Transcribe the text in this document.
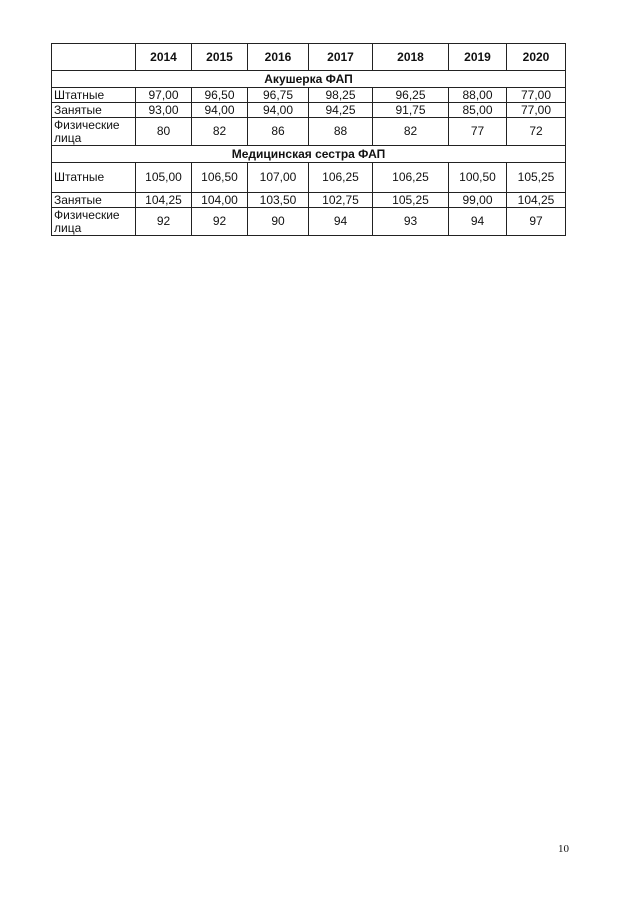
	2014	2015	2016	2017	2018	2019	2020
Акушерка ФАП							
Штатные	97,00	96,50	96,75	98,25	96,25	88,00	77,00
Занятые	93,00	94,00	94,00	94,25	91,75	85,00	77,00
Физические лица	80	82	86	88	82	77	72
Медицинская сестра ФАП							
Штатные	105,00	106,50	107,00	106,25	106,25	100,50	105,25
Занятые	104,25	104,00	103,50	102,75	105,25	99,00	104,25
Физические лица	92	92	90	94	93	94	97
10
